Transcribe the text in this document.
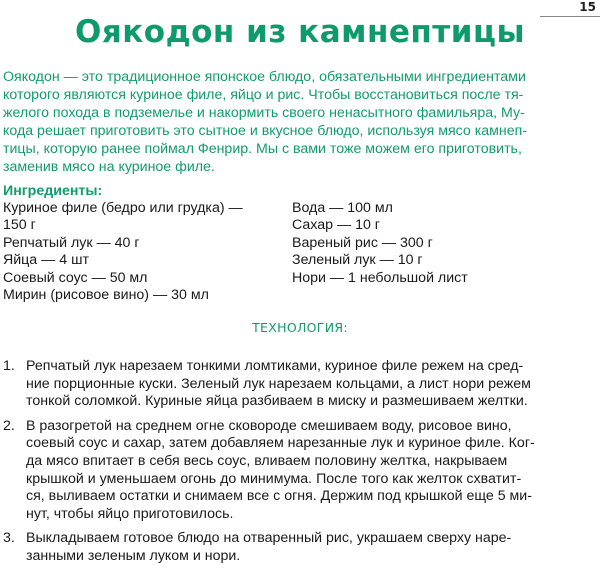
15
Оякодон из камнептицы
Оякодон — это традиционное японское блюдо, обязательными ингредиентами
которого являются куриное филе, яйцо и рис. Чтобы восстановиться после тя-
желого похода в подземелье и накормить своего ненасытного фамильяра, Му-
кода решает приготовить это сытное и вкусное блюдо, используя мясо камнеп-
тицы, которую ранее поймал Фенрир. Мы с вами тоже можем его приготовить,
заменив мясо на куриное филе.
Ингредиенты:
Куриное филе (бедро или грудка) —
150 г
Репчатый лук — 40 г
Яйца — 4 шт
Соевый соус — 50 мл
Мирин (рисовое вино) — 30 мл
Вода — 100 мл
Сахар — 10 г
Вареный рис — 300 г
Зеленый лук — 10 г
Нори — 1 небольшой лист
ТЕХНОЛОГИЯ:
1. Репчатый лук нарезаем тонкими ломтиками, куриное филе режем на сред-
ние порционные куски. Зеленый лук нарезаем кольцами, а лист нори режем
тонкой соломкой. Куриные яйца разбиваем в миску и размешиваем желтки.
2. В разогретой на среднем огне сковороде смешиваем воду, рисовое вино,
соевый соус и сахар, затем добавляем нарезанные лук и куриное филе. Ког-
да мясо впитает в себя весь соус, вливаем половину желтка, накрываем
крышкой и уменьшаем огонь до минимума. После того как желток схватит-
ся, выливаем остатки и снимаем все с огня. Держим под крышкой еще 5 ми-
нут, чтобы яйцо приготовилось.
3. Выкладываем готовое блюдо на отваренный рис, украшаем сверху наре-
занными зеленым луком и нори.
